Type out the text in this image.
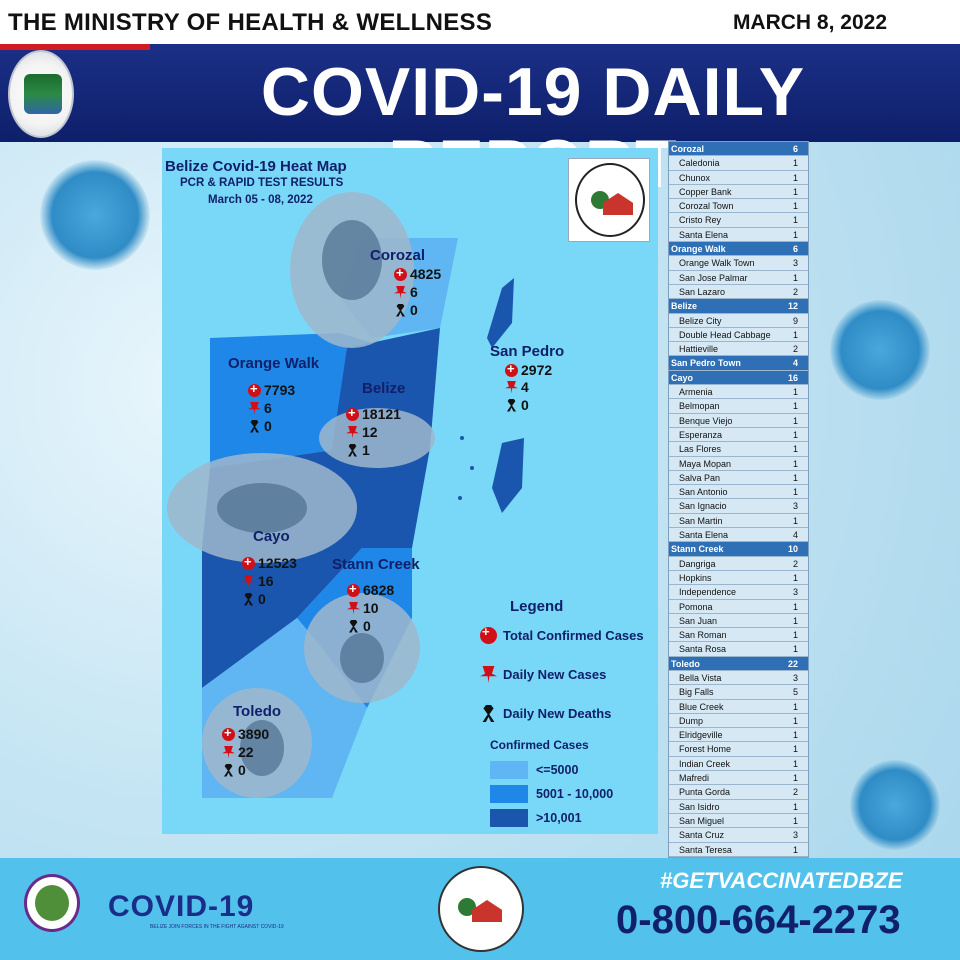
THE MINISTRY OF HEALTH & WELLNESS	MARCH 8, 2022
COVID-19 DAILY
Belize Covid-19 Heat Map
PCR & RAPID TEST RESULTS
March 05 - 08, 2022
Corozal
+
4825
6
0
Orange Walk
+
7793
6
0
Belize
+
18121
12
1
San Pedro
+
2972
4
0
Cayo
+
12523
16
0
Stann Creek
+
6828
10
0
Toledo
+
3890
22
0
Legend
+
Total Confirmed Cases
Daily New Cases
Daily New Deaths
Confirmed Cases
<=5000
5001 - 10,000
>10,001
Corozal	6
Caledonia	1
Chunox	1
Copper Bank	1
Corozal Town	1
Cristo Rey	1
Santa Elena	1
Orange Walk	6
Orange Walk Town	3
San Jose Palmar	1
San Lazaro	2
Belize	12
Belize City	9
Double Head Cabbage 1
Hattieville	2
San Pedro Town	4
Cayo	16
Armenia	1
Belmopan	1
Benque Viejo	1
Esperanza	1
Las Flores	1
Maya Mopan	1
Salva Pan	1
San Antonio	1
San Ignacio	3
San Martin	1
Santa Elena	4
Stann Creek	10
Dangriga	2
Hopkins	1
Independence	3
Pomona	1
San Juan	1
San Roman	1
Santa Rosa	1
Toledo	22
Bella Vista	3
Big Falls	5
Blue Creek	1
Dump	1
Elridgeville	1
Forest Home	1
Indian Creek	1
Mafredi	1
Punta Gorda	2
San Isidro	1
San Miguel	1
Santa Cruz	3
Santa Teresa	1
COVID-19
BELIZE JOIN FORCES IN THE FIGHT AGAINST COVID-19
#GETVACCINATEDBZE
0-800-664-2273
